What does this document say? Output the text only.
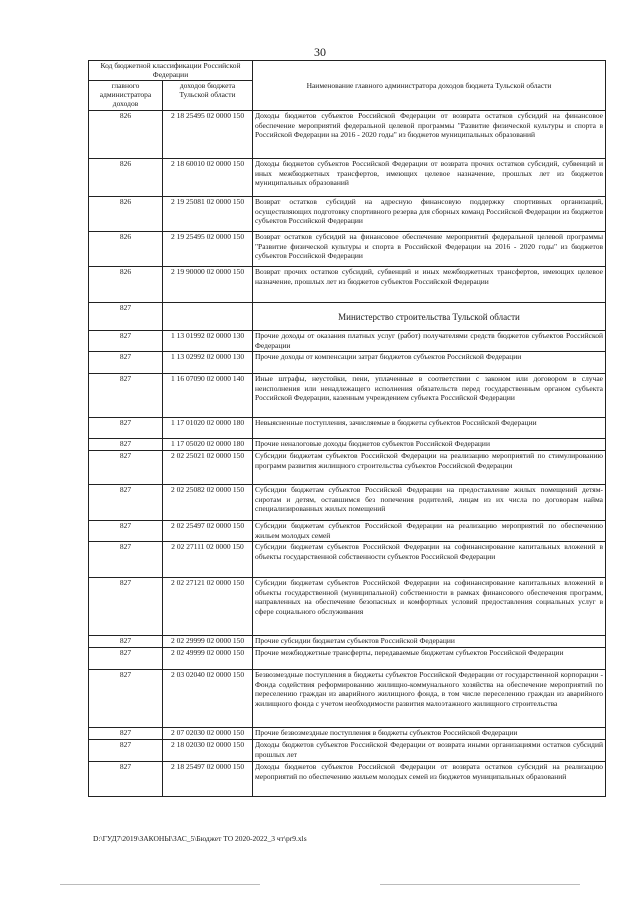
30
Код бюджетной классификации Российской Федерации		Наименование главного администратора доходов бюджета Тульской области
главного администратора доходов	доходов бюджета Тульской области	
826	2 18 25495 02 0000 150	Доходы бюджетов субъектов Российской Федерации от возврата остатков субсидий на финансовое обеспечение мероприятий федеральной целевой программы "Развитие физической культуры и спорта в Российской Федерации на 2016 - 2020 годы" из бюджетов муниципальных образований
826	2 18 60010 02 0000 150	Доходы бюджетов субъектов Российской Федерации от возврата прочих остатков субсидий, субвенций и иных межбюджетных трансфертов, имеющих целевое назначение, прошлых лет из бюджетов муниципальных образований
826	2 19 25081 02 0000 150	Возврат остатков субсидий на адресную финансовую поддержку спортивных организаций, осуществляющих подготовку спортивного резерва для сборных команд Российской Федерации из бюджетов субъектов Российской Федерации
826	2 19 25495 02 0000 150	Возврат остатков субсидий на финансовое обеспечение мероприятий федеральной целевой программы "Развитие физической культуры и спорта в Российской Федерации на 2016 - 2020 годы" из бюджетов субъектов Российской Федерации
826	2 19 90000 02 0000 150	Возврат прочих остатков субсидий, субвенций и иных межбюджетных трансфертов, имеющих целевое назначение, прошлых лет из бюджетов субъектов Российской Федерации
827		Министерство строительства Тульской области
827	1 13 01992 02 0000 130	Прочие доходы от оказания платных услуг (работ) получателями средств бюджетов субъектов Российской Федерации
827	1 13 02992 02 0000 130	Прочие доходы от компенсации затрат бюджетов субъектов Российской Федерации
827	1 16 07090 02 0000 140	Иные штрафы, неустойки, пени, уплаченные в соответствии с законом или договором в случае неисполнения или ненадлежащего исполнения обязательств перед государственным органом субъекта Российской Федерации, казенным учреждением субъекта Российской Федерации
827	1 17 01020 02 0000 180	Невыясненные поступления, зачисляемые в бюджеты субъектов Российской Федерации
827	1 17 05020 02 0000 180	Прочие неналоговые доходы бюджетов субъектов Российской Федерации
827	2 02 25021 02 0000 150	Субсидии бюджетам субъектов Российской Федерации на реализацию мероприятий по стимулированию программ развития жилищного строительства субъектов Российской Федерации
827	2 02 25082 02 0000 150	Субсидии бюджетам субъектов Российской Федерации на предоставление жилых помещений детям-сиротам и детям, оставшимся без попечения родителей, лицам из их числа по договорам найма специализированных жилых помещений
827	2 02 25497 02 0000 150	Субсидии бюджетам субъектов Российской Федерации на реализацию мероприятий по обеспечению жильем молодых семей
827	2 02 27111 02 0000 150	Субсидии бюджетам субъектов Российской Федерации на софинансирование капитальных вложений в объекты государственной собственности субъектов Российской Федерации
827	2 02 27121 02 0000 150	Субсидии бюджетам субъектов Российской Федерации на софинансирование капитальных вложений в объекты государственной (муниципальной) собственности в рамках финансового обеспечения программ, направленных на обеспечение безопасных и комфортных условий предоставления социальных услуг в сфере социального обслуживания
827	2 02 29999 02 0000 150	Прочие субсидии бюджетам субъектов Российской Федерации
827	2 02 49999 02 0000 150	Прочие межбюджетные трансферты, передаваемые бюджетам субъектов Российской Федерации
827	2 03 02040 02 0000 150	Безвозмездные поступления в бюджеты субъектов Российской Федерации от государственной корпорации - Фонда содействия реформированию жилищно-коммунального хозяйства на обеспечение мероприятий по переселению граждан из аварийного жилищного фонда, в том числе переселению граждан из аварийного жилищного фонда с учетом необходимости развития малоэтажного жилищного строительства
827	2 07 02030 02 0000 150	Прочие безвозмездные поступления в бюджеты субъектов Российской Федерации
827	2 18 02030 02 0000 150	Доходы бюджетов субъектов Российской Федерации от возврата иными организациями остатков субсидий прошлых лет
827	2 18 25497 02 0000 150	Доходы бюджетов субъектов Российской Федерации от возврата остатков субсидий на реализацию мероприятий по обеспечению жильем молодых семей из бюджетов муниципальных образований
D:\ГУД7\2019\ЗАКОНЫ\ЗАС_5\Бюджет ТО 2020-2022_3 чт\pr9.xls
